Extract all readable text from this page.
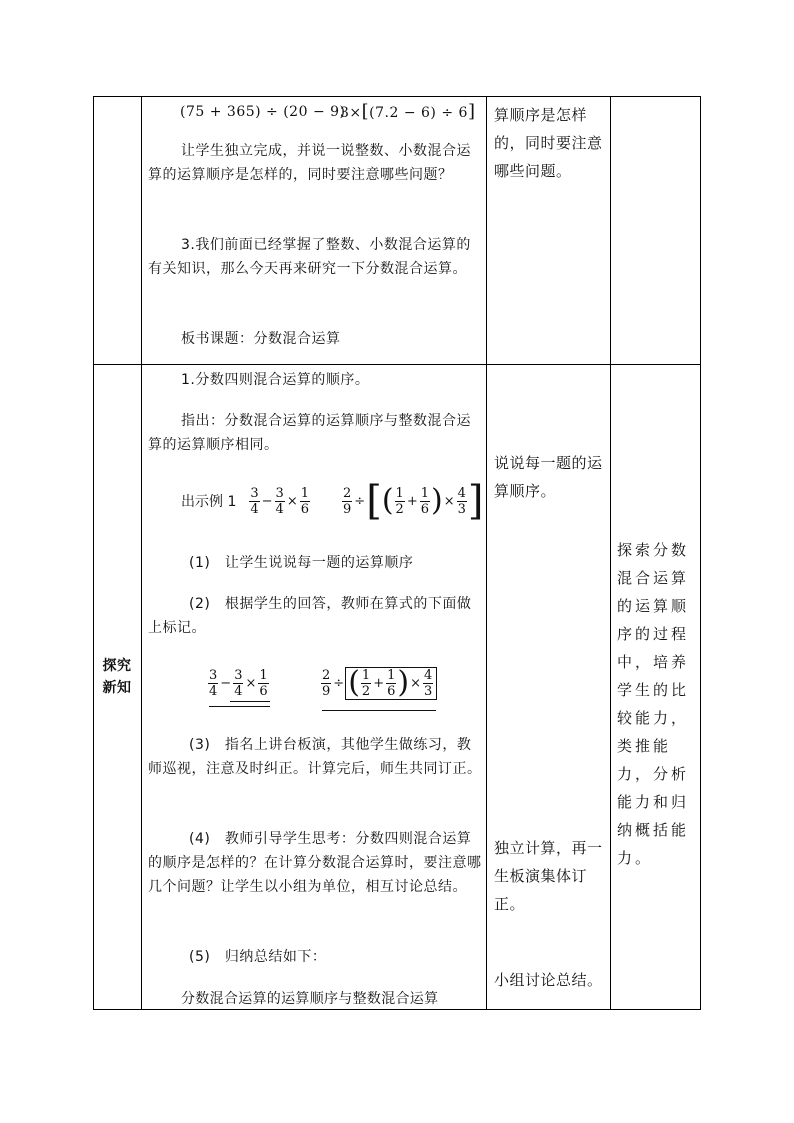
(75 + 365) ÷ (20 − 9)
3×[(7.2 − 6) ÷ 6]
让学生独立完成，并说一说整数、小数混合运算的运算顺序是怎样的，同时要注意哪些问题？
3.我们前面已经掌握了整数、小数混合运算的有关知识，那么今天再来研究一下分数混合运算。
板书课题：分数混合运算
算顺序是怎样的，同时要注意哪些问题。
探究
新知
1.分数四则混合运算的顺序。
指出：分数混合运算的运算顺序与整数混合运算的运算顺序相同。
出示例 $1 \frac{3}{4} - \frac{3}{4} \times \frac{1}{6} \frac{2}{9}$ ÷ [ ( $\frac{1}{2} + \frac{1}{6}$ ) × $\frac{4}{3}$ ]
(1)　让学生说说每一题的运算顺序
(2)　根据学生的回答，教师在算式的下面做上标记。
$\frac{3}{4} - \frac{3}{4} \times \frac{1}{6}$	$\frac{2}{9}$ ÷ ( $\frac{1}{2} + \frac{1}{6}$ ) × $\frac{4}{3}$
(3)　指名上讲台板演，其他学生做练习，教师巡视，注意及时纠正。计算完后，师生共同订正。
(4)　教师引导学生思考：分数四则混合运算的顺序是怎样的？在计算分数混合运算时，要注意哪几个问题？让学生以小组为单位，相互讨论总结。
(5)　归纳总结如下：
分数混合运算的运算顺序与整数混合运算
说说每一题的运算顺序。
独立计算，再一生板演集体订正。
小组讨论总结。
探索分数混合运算的运算顺序的过程中，培养学生的比较能力，类推能力，分析能力和归纳概括能力。
